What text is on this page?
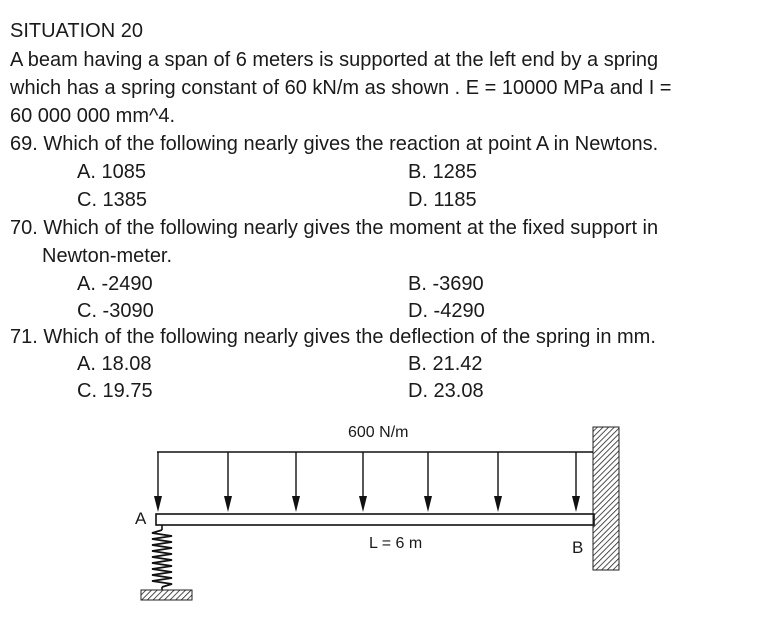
SITUATION 20
A beam having a span of 6 meters is supported at the left end by a spring
which has a spring constant of 60 kN/m as shown . E = 10000 MPa and I =
60 000 000 mm^4.
69. Which of the following nearly gives the reaction at point A in Newtons.
A. 1085	B. 1285
C. 1385	D. 1185
70. Which of the following nearly gives the moment at the fixed support in
Newton-meter.
A. -2490	B. -3690
C. -3090	D. -4290
71. Which of the following nearly gives the deflection of the spring in mm.
A. 18.08	B. 21.42
C. 19.75	D. 23.08
600 N/m
A
B
L = 6 m
